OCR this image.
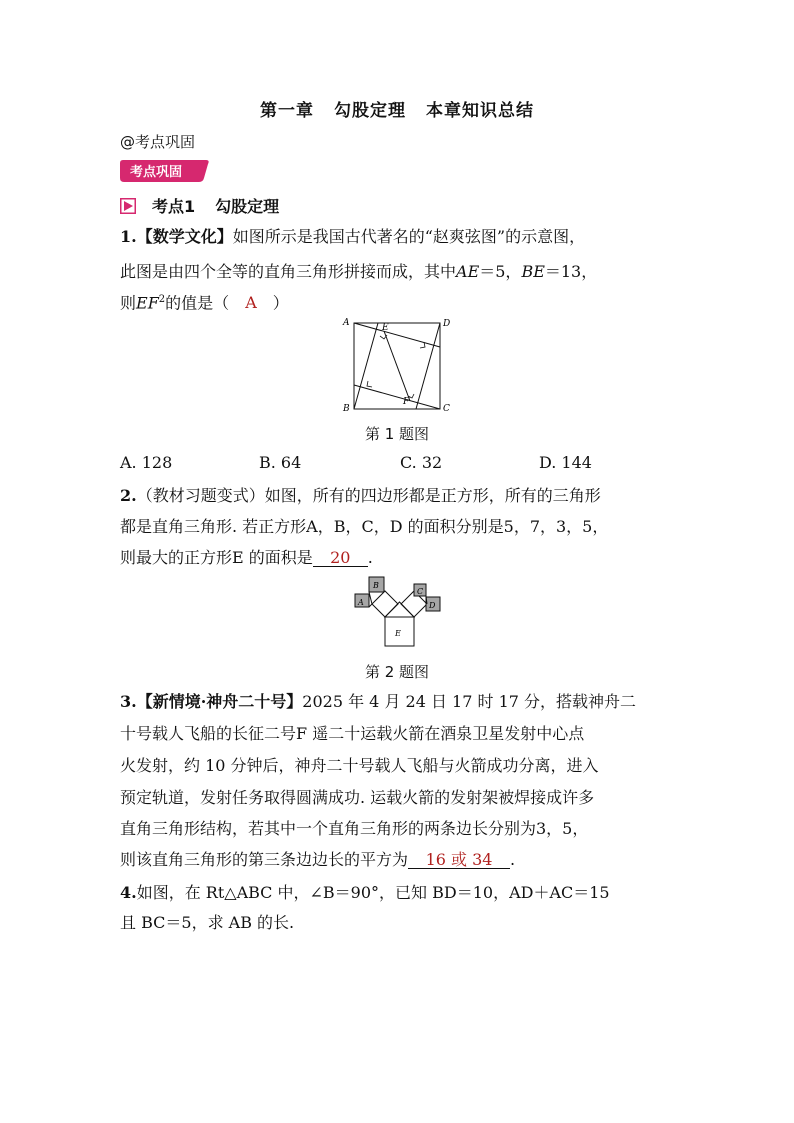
第一章 勾股定理 本章知识总结
@考点巩固
考点巩固
考点1 勾股定理
1.【数学文化】如图所示是我国古代著名的“赵爽弦图”的示意图，
此图是由四个全等的直角三角形拼接而成，其中AE＝5，BE＝13，
则$EF^2$的值是（ A ）
A
B	C
D
E
F
第 1 题图
A. 128	B. 64	C. 32	D. 144
2.（教材习题变式）如图，所有的四边形都是正方形，所有的三角形
都是直角三角形. 若正方形A，B，C，D 的面积分别是5，7，3，5，
则最大的正方形E 的面积是 20 .
A
B
C
D
E
第 2 题图
3.【新情境·神舟二十号】2025 年 4 月 24 日 17 时 17 分，搭载神舟二
十号载人飞船的长征二号F 遥二十运载火箭在酒泉卫星发射中心点
火发射，约 10 分钟后，神舟二十号载人飞船与火箭成功分离，进入
预定轨道，发射任务取得圆满成功. 运载火箭的发射架被焊接成许多
直角三角形结构，若其中一个直角三角形的两条边长分别为3，5，
则该直角三角形的第三条边边长的平方为 16 或 34 .
4.如图，在 Rt△ABC 中，∠B＝90°，已知 BD＝10，AD＋AC＝15
且 BC＝5，求 AB 的长.
